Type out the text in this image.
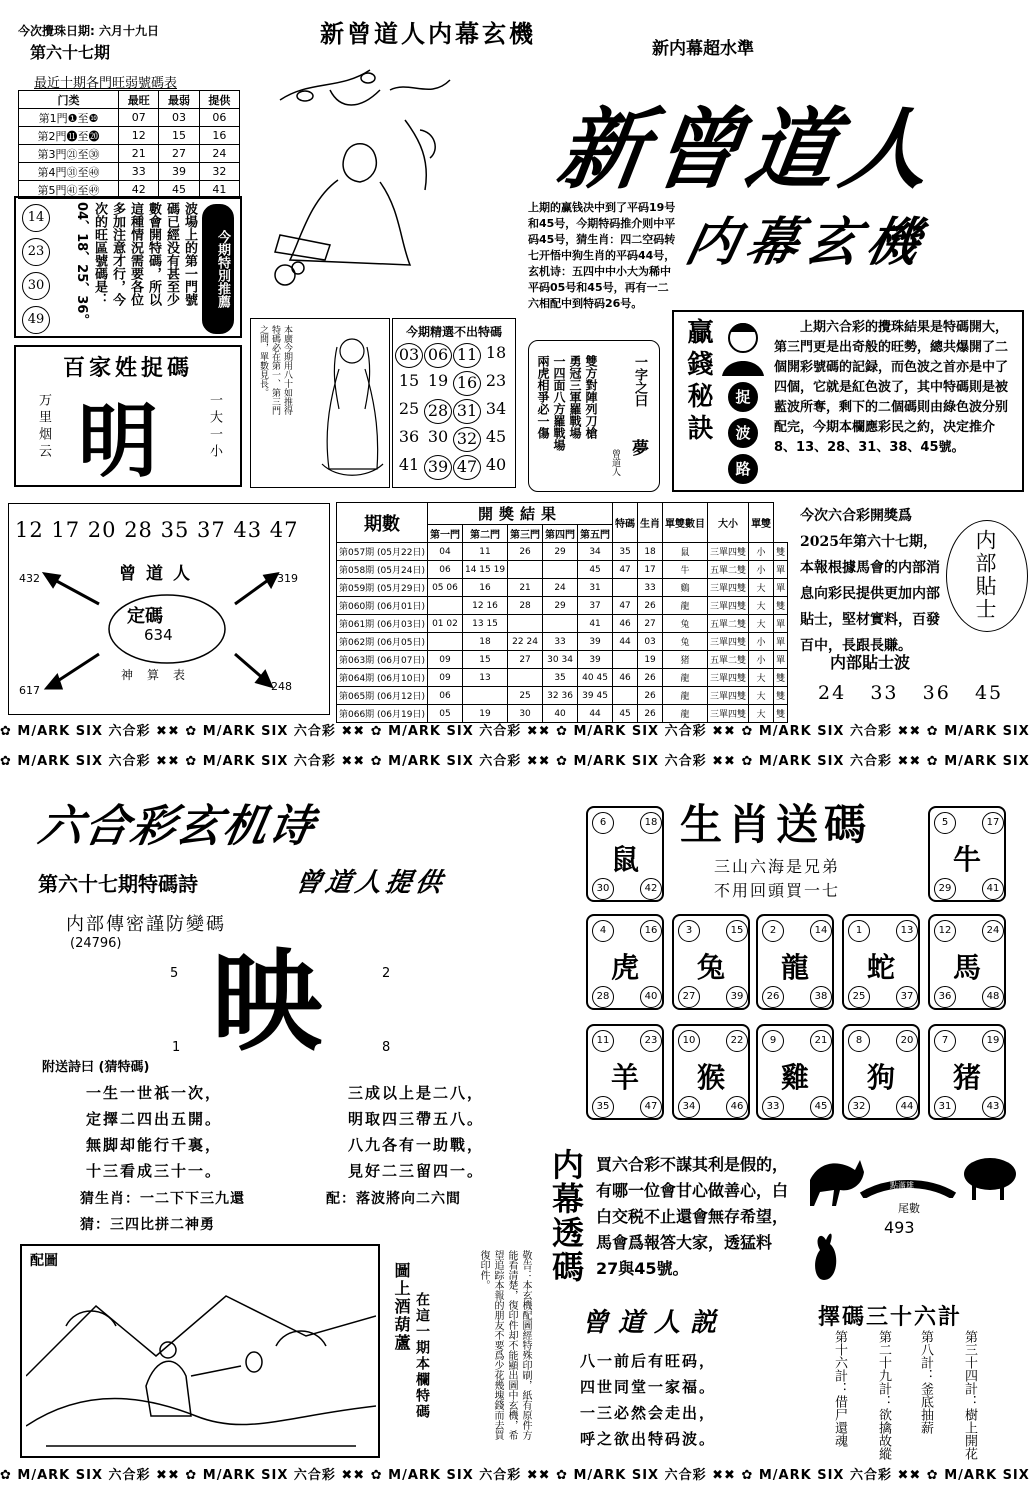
今次攪珠日期: 六月十九日
第六十七期
新曾道人内幕玄機
新内幕超水準
新曾道人
内幕玄機
最近十期各門旺弱號碼表
门类	最旺	最弱	提供
第1門❶至❿	07	03	06
第2門⓫至⓴	12	15	16
第3門㉑至㉚	21	27	24
第4門㉛至㊵	33	39	32
第5門㊶至㊾	42	45	41
14 23 30 49
波場上的第一門號
碼已經没有甚至少
數會開特碼，所以
這種情況需要各位
多加注意才行，今
次的旺區號碼是：
04、18、25、36。	今期特別推薦
上期的赢钱决中到了平码19号和45号，今期特码推介则中平码45号，猜生肖：四二空码转七开悟中狗生肖的平码44号，玄机诗：五四中中小大为稀中平码05号和45号，再有一二六相配中到特码26号。
百家姓捉碼
万里烟云 明	一大一小
本廣今期用八十如推得特碼必在第一、第三門之間，單數見長。	今期精選不出特碼
03 06 11 18
15 19 16 23
25 28 31 34
36 30 32 45
41 39 47 40
雙方對陣列刀槍
勇冠三軍羅戰場
一四面八方羅戰場
兩虎相爭必一傷	一字之曰
夢
曾道人
贏錢秘訣	捉
波
路
上期六合彩的攪珠結果是特碼開大，第三門更是出奇般的旺勢，總共爆開了二個開彩號碼的記録，而色波之首亦是中了四個，它就是紅色波了，其中特碼則是被藍波所奪，剩下的二個碼則由綠色波分别配完，今期本欄應彩民之約，决定推介8、13、28、31、38、45號。
12 17 20 28 35 37 43 47
432	319
617	248
曾道人
定碼
634
神算表
期數	開獎結果					特碼	生肖	單雙數目	大小	單雙	
	第一門	第二門	第三門	第四門	第五門						
第057期 (05月22日)	04	11	26	29	34	35	18	鼠	三單四雙	小	雙
第058期 (05月24日)	06	14 15 19			45	47	17	牛	五單二雙	小	單
第059期 (05月29日)	05 06	16	21	24	31		33	鷄	三單四雙	大	單
第060期 (06月01日)		12 16	28	29	37	47	26	龍	三單四雙	大	雙
第061期 (06月03日)	01 02	13 15			41	46	27	兔	五單二雙	大	單
第062期 (06月05日)		18	22 24	33	39	44	03	兔	三單四雙	小	單
第063期 (06月07日)	09	15	27	30 34	39		19	猪	五單二雙	小	單
第064期 (06月10日)	09	13		35	40 45	46	26	龍	三單四雙	大	雙
第065期 (06月12日)	06		25	32 36	39 45		26	龍	三單四雙	大	雙
第066期 (06月19日)	05	19	30	40	44	45	26	龍	三單四雙	大	雙
今次六合彩開獎爲2025年第六十七期，本報根據馬會的内部消息向彩民提供更加内部貼士，堅材實料，百發百中，長跟長賺。
内部貼士
内部貼士波
24 33 36 45
✿ M/ARK SIX 六合彩 ✖✖ ✿ M/ARK SIX 六合彩 ✖✖ ✿ M/ARK SIX 六合彩 ✖✖ ✿ M/ARK SIX 六合彩 ✖✖ ✿ M/ARK SIX 六合彩 ✖✖ ✿ M/ARK SIX
✿ M/ARK SIX 六合彩 ✖✖ ✿ M/ARK SIX 六合彩 ✖✖ ✿ M/ARK SIX 六合彩 ✖✖ ✿ M/ARK SIX 六合彩 ✖✖ ✿ M/ARK SIX 六合彩 ✖✖ ✿ M/ARK SIX
✿ M/ARK SIX 六合彩 ✖✖ ✿ M/ARK SIX 六合彩 ✖✖ ✿ M/ARK SIX 六合彩 ✖✖ ✿ M/ARK SIX 六合彩 ✖✖ ✿ M/ARK SIX 六合彩 ✖✖ ✿ M/ARK SIX
六合彩玄机诗
第六十七期特碼詩	曾道人提供
内部傳密謹防變碼
(24796)
5	2
1	8
映
附送詩曰 (猜特碼)

一生一世祇一次，

定擇二四出五開。

無脚却能行千裏，

十三看成三十一。

三成以上是二八，

明取四三帶五八。

八九各有一助戰，

見好二三留四一。

猜生肖：一二下下三九還	配：落波將向二六間
猜：三四比拼二神勇
配圖
圖上酒葫蘆 在這一期本欄特碼	敬告：本玄機配圖經特殊印刷，紙有原件方能看清楚，復印件却不能顯出圖中玄機，希望追踪本報的朋友不要爲少花幾塊錢而去買復印件。
生肖送碼
三山六海是兄弟
不用回頭買一七
6	18
30	42
鼠
5	17
29	41
牛
4	16
28	40
虎
3	15
27	39
兔
2	14
26	38
龍
1	13
25	37
蛇
12	24
36	48
馬
11	23
35	47
羊
10	22
34	46
猴
9	21
33	45
雞
8	20
32	44
狗
7	19
31	43
猪
内幕透碼 買六合彩不謀其利是假的，有哪一位會甘心做善心，白白交税不止還會無存希望，馬會爲報答大家，透猛料27與45號。
曾道人説

八一前后有旺码，

四世同堂一家福。

一三必然会走出，

呼之欲出特码波。

點滿雄
尾數
493
擇碼三十六計
第三十四計：樹上開花
第八計：釜底抽薪
第二十九計：欲擒故縱
第十六計：借尸還魂
